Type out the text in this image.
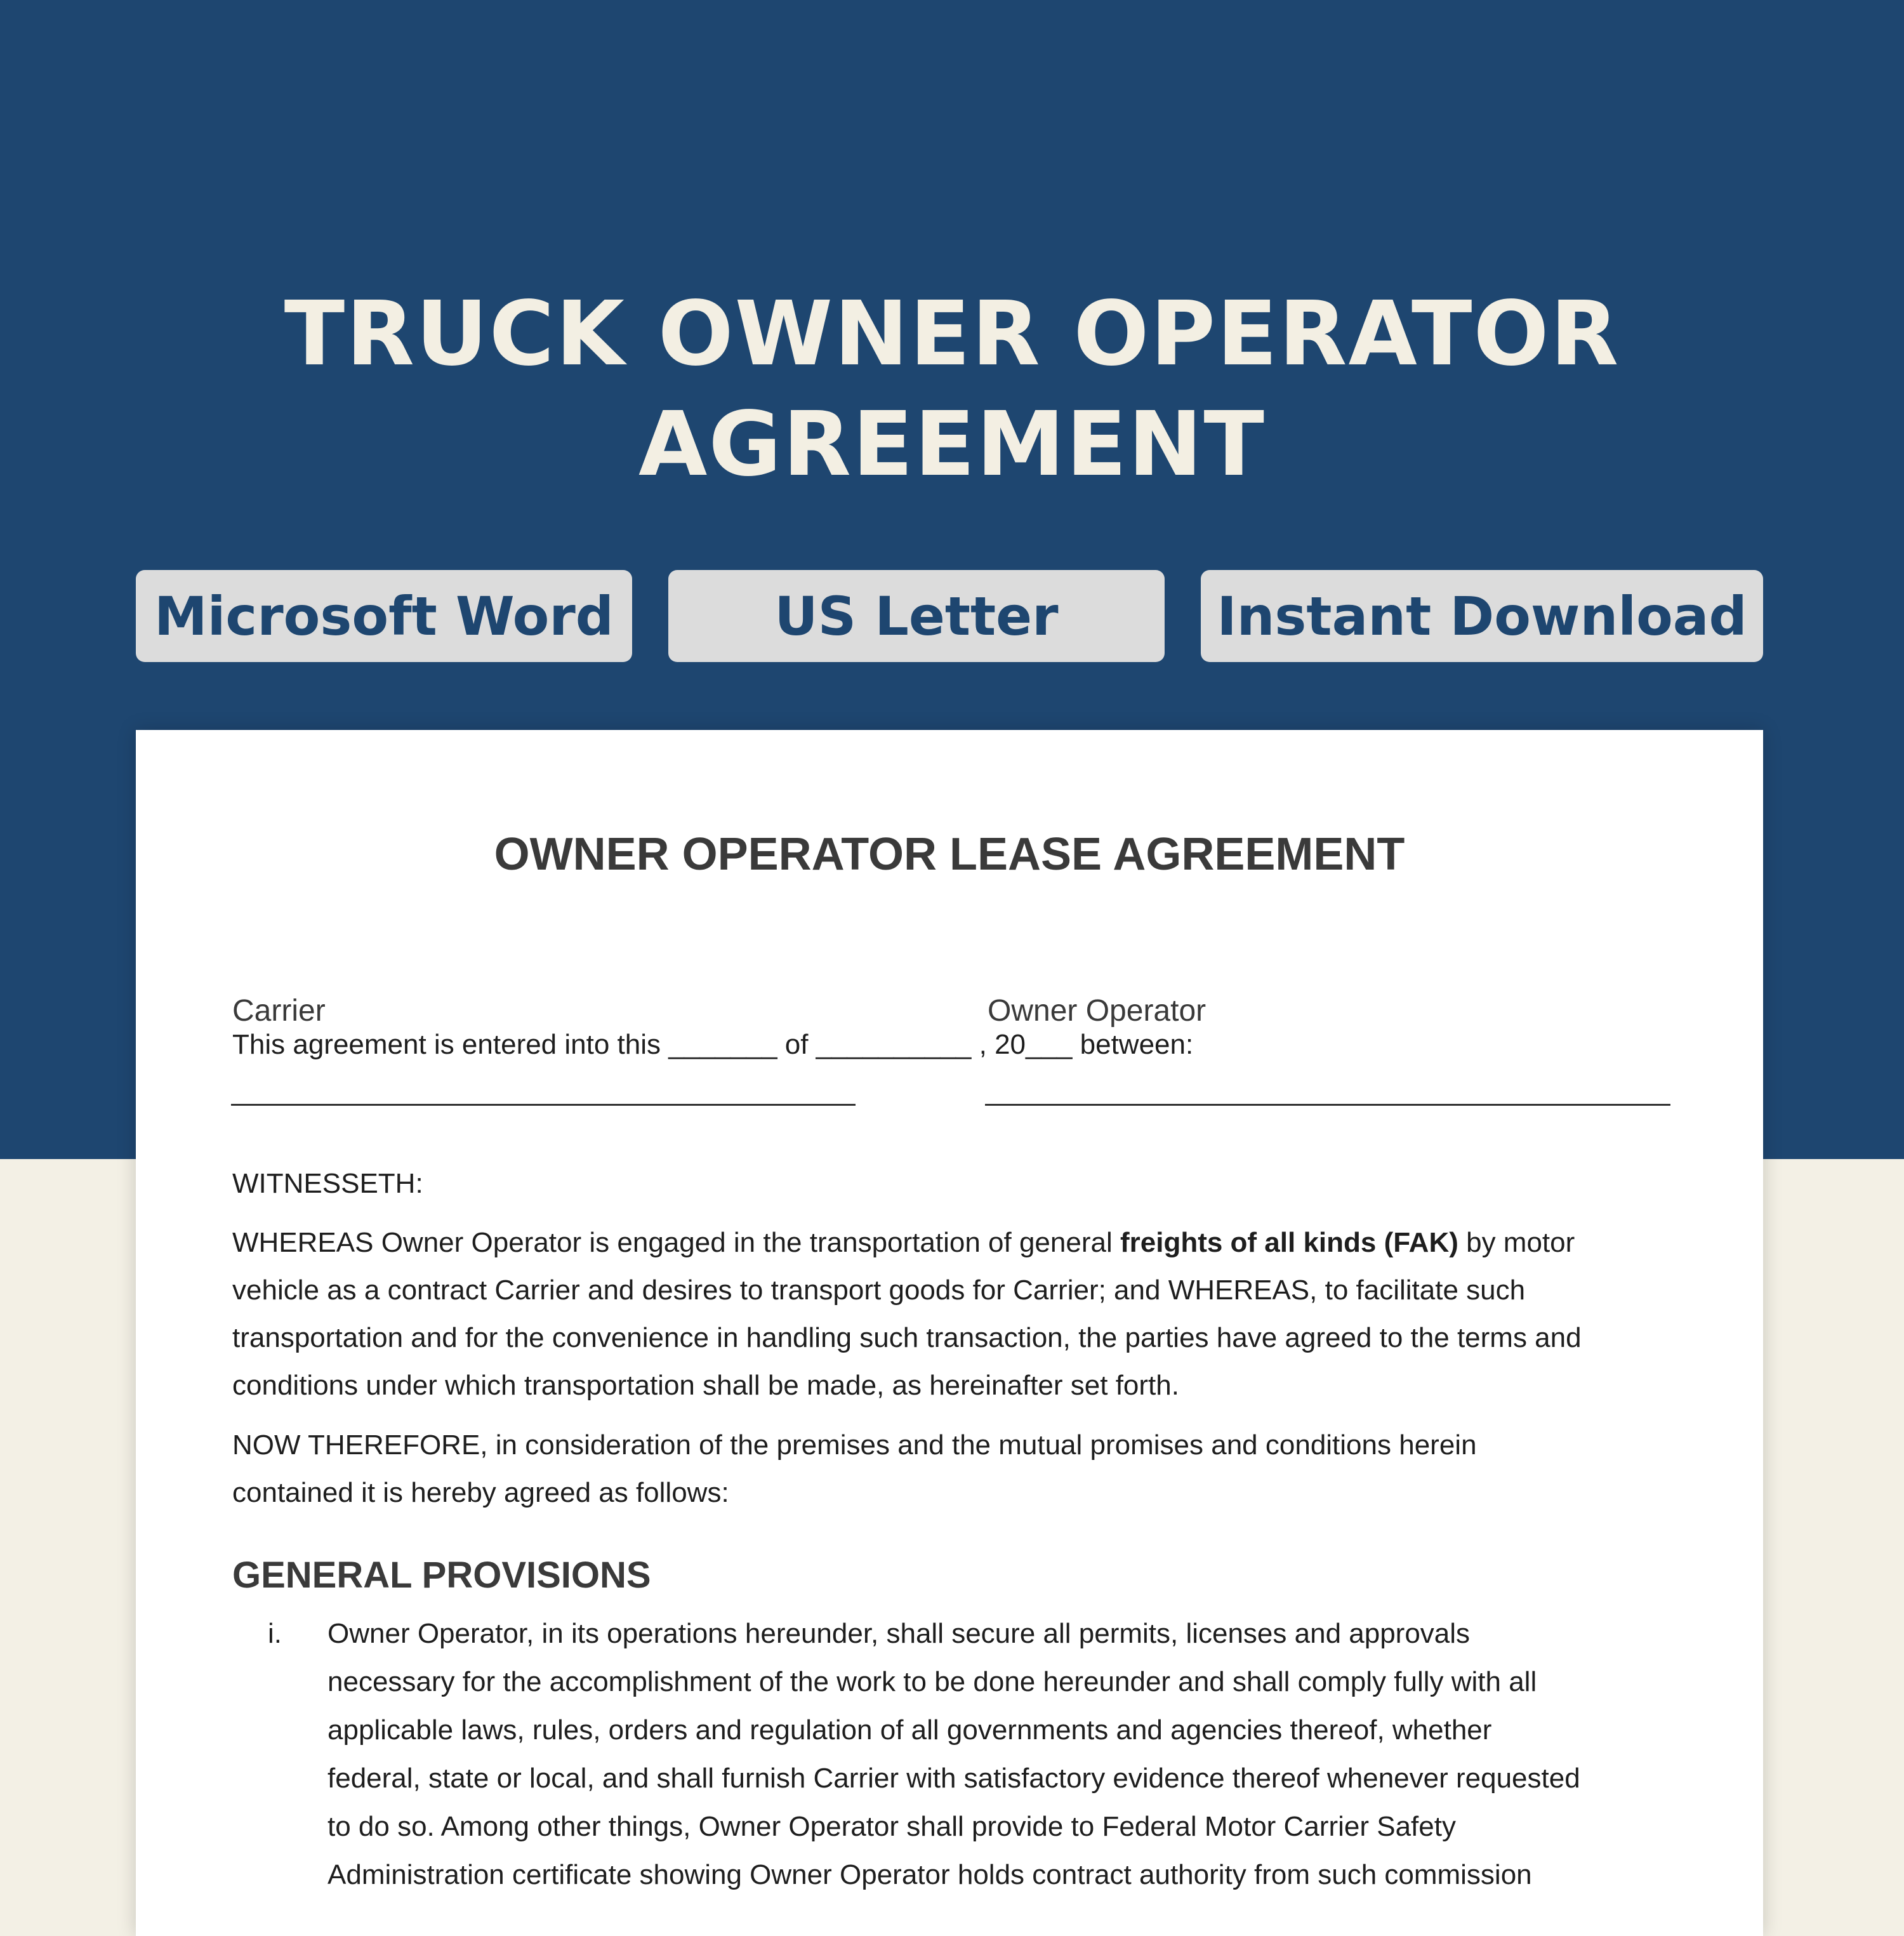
TRUCK OWNER OPERATOR
AGREEMENT
Microsoft Word	US Letter	Instant Download
OWNER OPERATOR LEASE AGREEMENT

This agreement is entered into this _______ of __________ , 20___ between:

Carrier	Owner Operator

WITNESSETH:

WHEREAS Owner Operator is engaged in the transportation of general freights of all kinds (FAK) by motor

vehicle as a contract Carrier and desires to transport goods for Carrier; and WHEREAS, to facilitate such

transportation and for the convenience in handling such transaction, the parties have agreed to the terms and

conditions under which transportation shall be made, as hereinafter set forth.

NOW THEREFORE, in consideration of the premises and the mutual promises and conditions herein

contained it is hereby agreed as follows:

GENERAL PROVISIONS
i. Owner Operator, in its operations hereunder, shall secure all permits, licenses and approvals
necessary for the accomplishment of the work to be done hereunder and shall comply fully with all
applicable laws, rules, orders and regulation of all governments and agencies thereof, whether
federal, state or local, and shall furnish Carrier with satisfactory evidence thereof whenever requested
to do so. Among other things, Owner Operator shall provide to Federal Motor Carrier Safety
Administration certificate showing Owner Operator holds contract authority from such commission
